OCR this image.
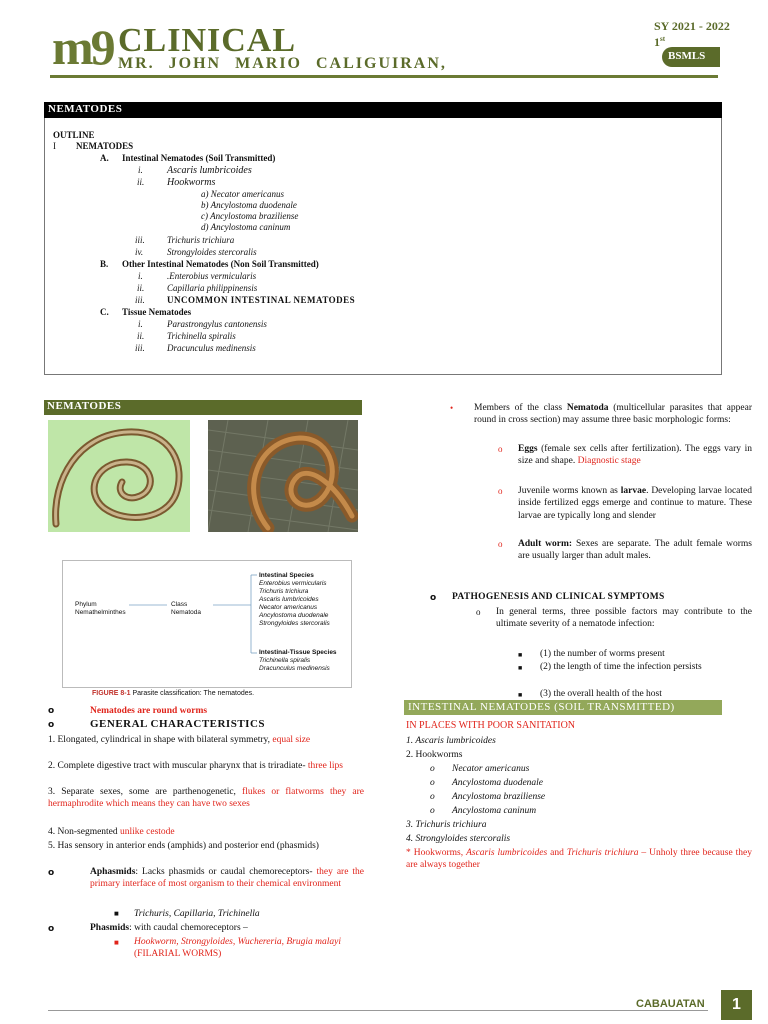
m9 CLINICAL
MR. JOHN MARIO CALIGUIRAN,
SY 2021 - 2022
1st
BSMLS
NEMATODES
OUTLINE
I NEMATODES
A. Intestinal Nematodes (Soil Transmitted)
i. Ascaris lumbricoides
ii. Hookworms
a) Necator americanus
b) Ancylostoma duodenale
c) Ancylostoma braziliense
d) Ancylostoma caninum
iii. Trichuris trichiura
iv.	Strongyloides stercoralis
B. Other Intestinal Nematodes (Non Soil Transmitted)
i.	.Enterobius vermicularis
ii.	Capillaria philippinensis
iii. UNCOMMON INTESTINAL NEMATODES
C. Tissue Nematodes
i.	Parastrongylus cantonensis
ii.	Trichinella spiralis
iii. Dracunculus medinensis
NEMATODES
Phylum
Nemathelminthes
Class
Nematoda
Intestinal Species
Enterobius vermicularis
Trichuris trichiura
Ascaris lumbricoides
Necator americanus
Ancylostoma duodenale
Strongyloides stercoralis
Intestinal-Tissue Species
Trichinella spiralis
Dracunculus medinensis
FIGURE 8-1 Parasite classification: The nematodes.
o	Nematodes are round worms
o	GENERAL CHARACTERISTICS
1. Elongated, cylindrical in shape with bilateral symmetry, equal size
2. Complete digestive tract with muscular pharynx that is triradiate- three lips
3. Separate sexes, some are parthenogenetic, flukes or flatworms they are hermaphrodite which means they can have two sexes
4. Non-segmented unlike cestode
5. Has sensory in anterior ends (amphids) and posterior end (phasmids)
o	Aphasmids: Lacks phasmids or caudal chemoreceptors- they are the primary interface of most organism to their chemical environment
■ Trichuris, Capillaria, Trichinella
o	Phasmids: with caudal chemoreceptors –
■ Hookworm, Strongyloides, Wuchereria, Brugia malayi (FILARIAL WORMS)
• Members of the class Nematoda (multicellular parasites that appear round in cross section) may assume three basic morphologic forms:
o Eggs (female sex cells after fertilization). The eggs vary in size and shape. Diagnostic stage
o Juvenile worms known as larvae. Developing larvae located inside fertilized eggs emerge and continue to mature. These larvae are typically long and slender
o Adult worm: Sexes are separate. The adult female worms are usually larger than adult males.
o PATHOGENESIS AND CLINICAL SYMPTOMS
o In general terms, three possible factors may contribute to the ultimate severity of a nematode infection:
■ (1) the number of worms present
■ (2) the length of time the infection persists
■ (3) the overall health of the host
INTESTINAL NEMATODES (SOIL TRANSMITTED)
IN PLACES WITH POOR SANITATION
1. Ascaris lumbricoides
2. Hookworms
o Necator americanus
o Ancylostoma duodenale
o Ancylostoma braziliense
o Ancylostoma caninum
3. Trichuris trichiura
4. Strongyloides stercoralis
* Hookworms, Ascaris lumbricoides and Trichuris trichiura – Unholy three because they are always together
CABAUATAN	1
